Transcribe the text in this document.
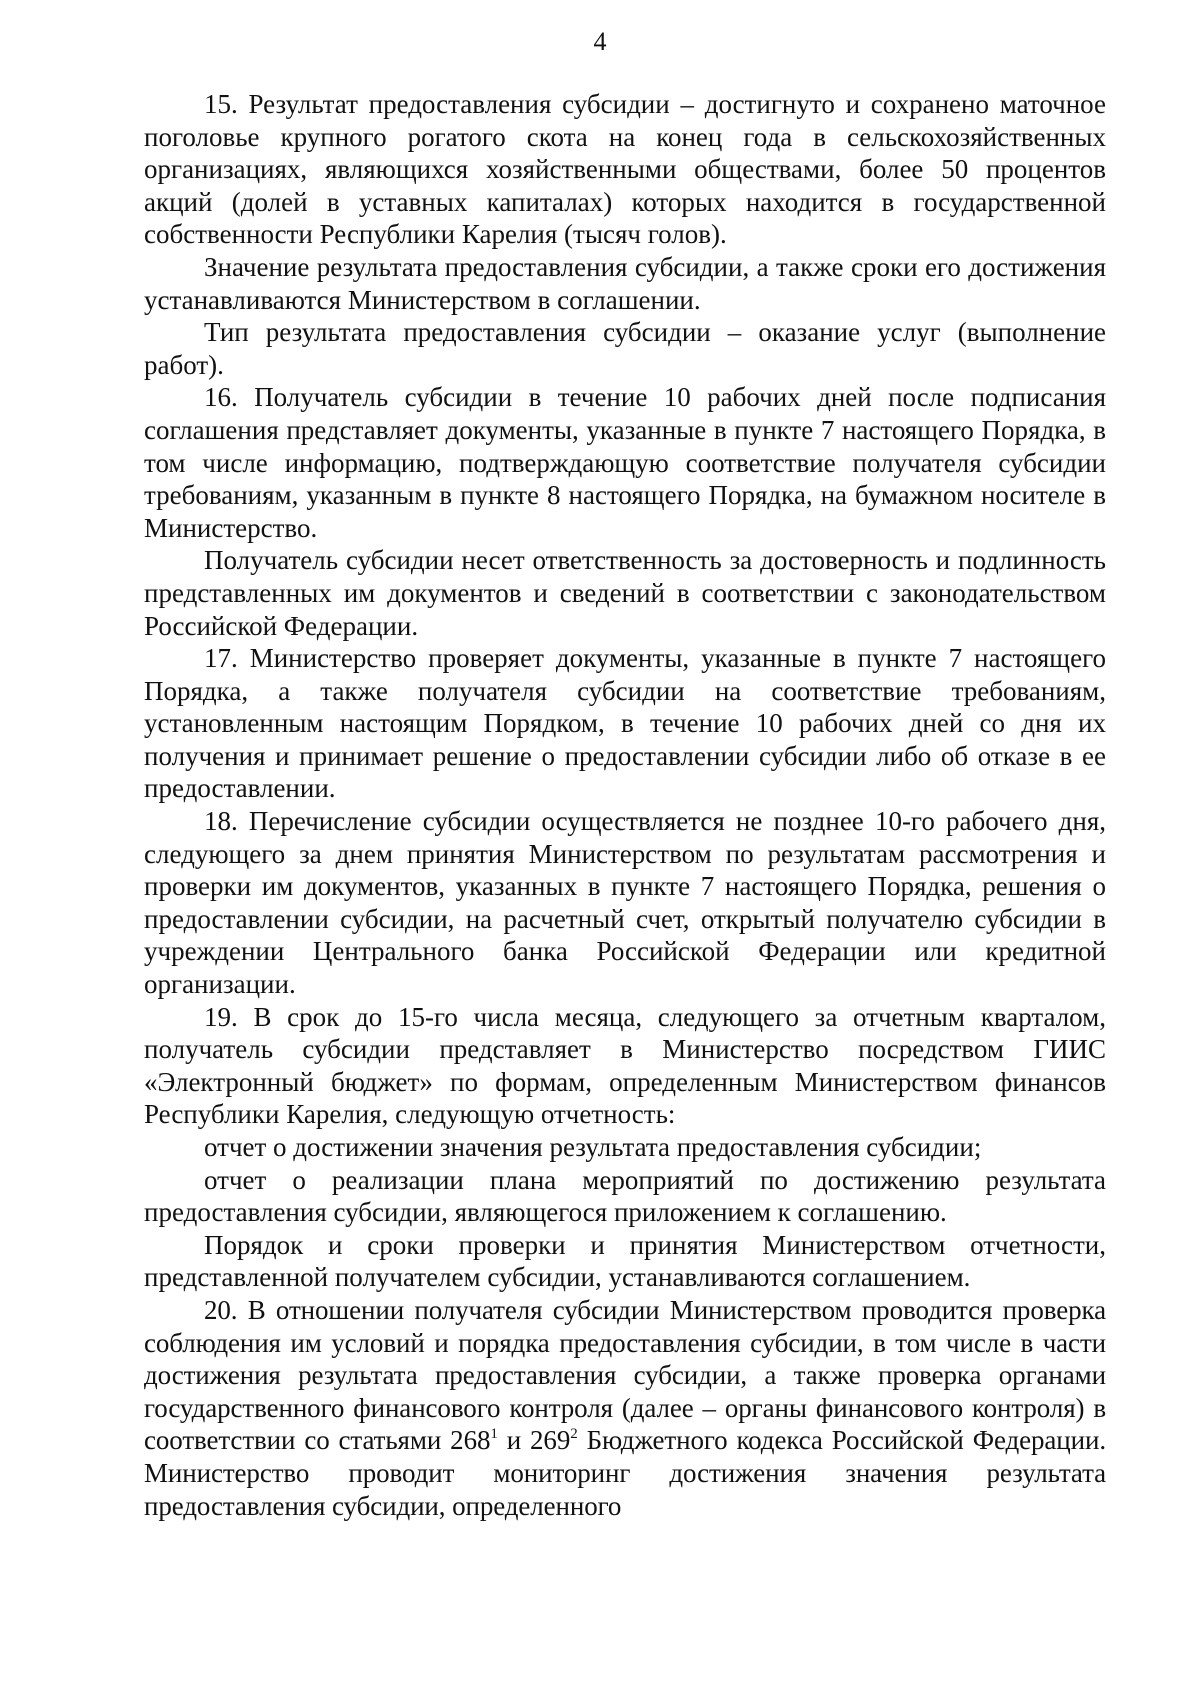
4

15. Результат предоставления субсидии – достигнуто и сохранено маточное поголовье крупного рогатого скота на конец года в сельскохозяйственных организациях, являющихся хозяйственными обществами, более 50 процентов акций (долей в уставных капиталах) которых находится в государственной собственности Республики Карелия (тысяч голов).

Значение результата предоставления субсидии, а также сроки его достижения устанавливаются Министерством в соглашении.

Тип результата предоставления субсидии – оказание услуг (выполнение работ).

16. Получатель субсидии в течение 10 рабочих дней после подписания соглашения представляет документы, указанные в пункте 7 настоящего Порядка, в том числе информацию, подтверждающую соответствие получателя субсидии требованиям, указанным в пункте 8 настоящего Порядка, на бумажном носителе в Министерство.

Получатель субсидии несет ответственность за достоверность и подлинность представленных им документов и сведений в соответствии с законодательством Российской Федерации.

17. Министерство проверяет документы, указанные в пункте 7 настоящего Порядка, а также получателя субсидии на соответствие требованиям, установленным настоящим Порядком, в течение 10 рабочих дней со дня их получения и принимает решение о предоставлении субсидии либо об отказе в ее предоставлении.

18. Перечисление субсидии осуществляется не позднее 10-го рабочего дня, следующего за днем принятия Министерством по результатам рассмотрения и проверки им документов, указанных в пункте 7 настоящего Порядка, решения о предоставлении субсидии, на расчетный счет, открытый получателю субсидии в учреждении Центрального банка Российской Федерации или кредитной организации.

19. В срок до 15-го числа месяца, следующего за отчетным кварталом, получатель субсидии представляет в Министерство посредством ГИИС «Электронный бюджет» по формам, определенным Министерством финансов Республики Карелия, следующую отчетность:

отчет о достижении значения результата предоставления субсидии;

отчет о реализации плана мероприятий по достижению результата предоставления субсидии, являющегося приложением к соглашению.

Порядок и сроки проверки и принятия Министерством отчетности, представленной получателем субсидии, устанавливаются соглашением.

20. В отношении получателя субсидии Министерством проводится проверка соблюдения им условий и порядка предоставления субсидии, в том числе в части достижения результата предоставления субсидии, а также проверка органами государственного финансового контроля (далее – органы финансового контроля) в соответствии со статьями $268^1$ и $269^2$ Бюджетного кодекса Российской Федерации. Министерство проводит мониторинг достижения значения результата предоставления субсидии, определенного
